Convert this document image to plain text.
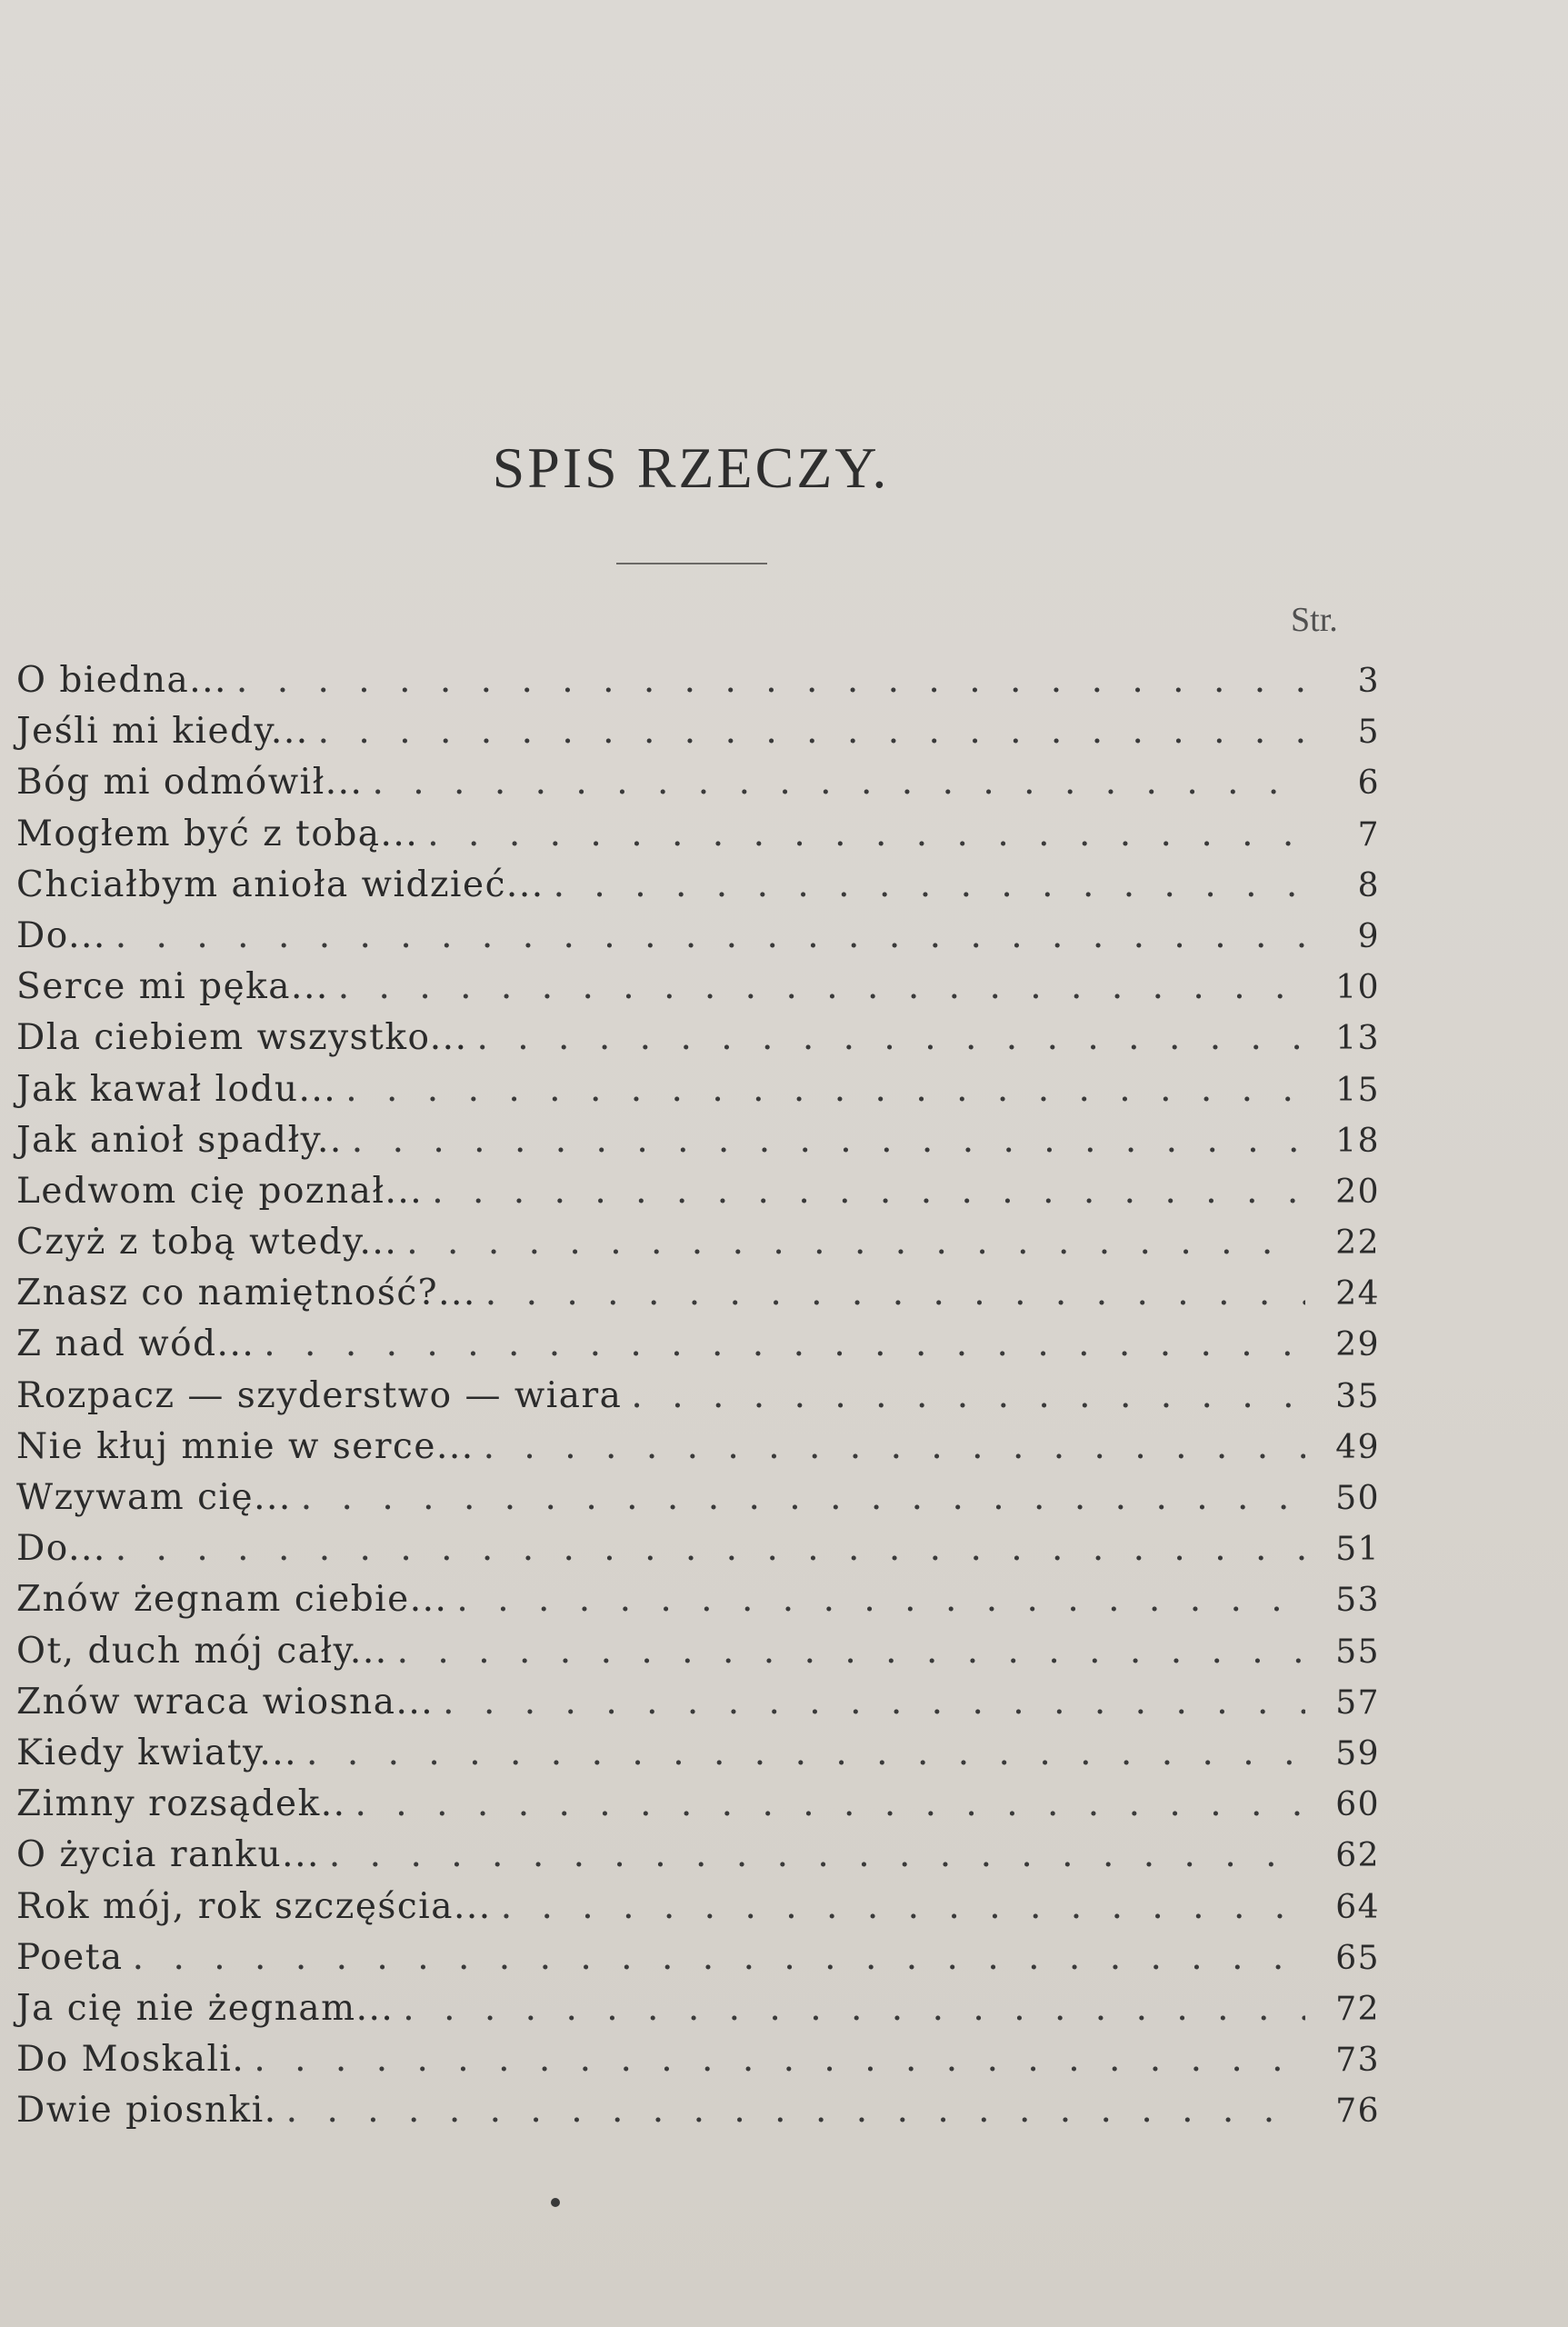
SPIS RZECZY.
Str.
O biedna... . . .	3
Jeśli mi kiedy... . . .	5
Bóg mi odmówił... . . .	6
Mogłem być z tobą... . . .	7
Chciałbym anioła widzieć... . . .	8
Do... . . .	9
Serce mi pęka... . . .	10
Dla ciebiem wszystko... . . .	13
Jak kawał lodu... . . .	15
Jak anioł spadły.. . . .	18
Ledwom cię poznał... . . .	20
Czyż z tobą wtedy... . . .	22
Znasz co namiętność?... . . .	24
Z nad wód... . . .	29
Rozpacz — szyderstwo — wiara . . .	35
Nie kłuj mnie w serce... . . .	49
Wzywam cię... . . .	50
Do... . . .	51
Znów żegnam ciebie... . . .	53
Ot, duch mój cały... . . .	55
Znów wraca wiosna... . . .	57
Kiedy kwiaty... . . .	59
Zimny rozsądek.. . . .	60
O życia ranku... . . .	62
Rok mój, rok szczęścia... . . .	64
Poeta . . .	65
Ja cię nie żegnam... . . .	72
Do Moskali. . . .	73
Dwie piosnki. . . .	76
